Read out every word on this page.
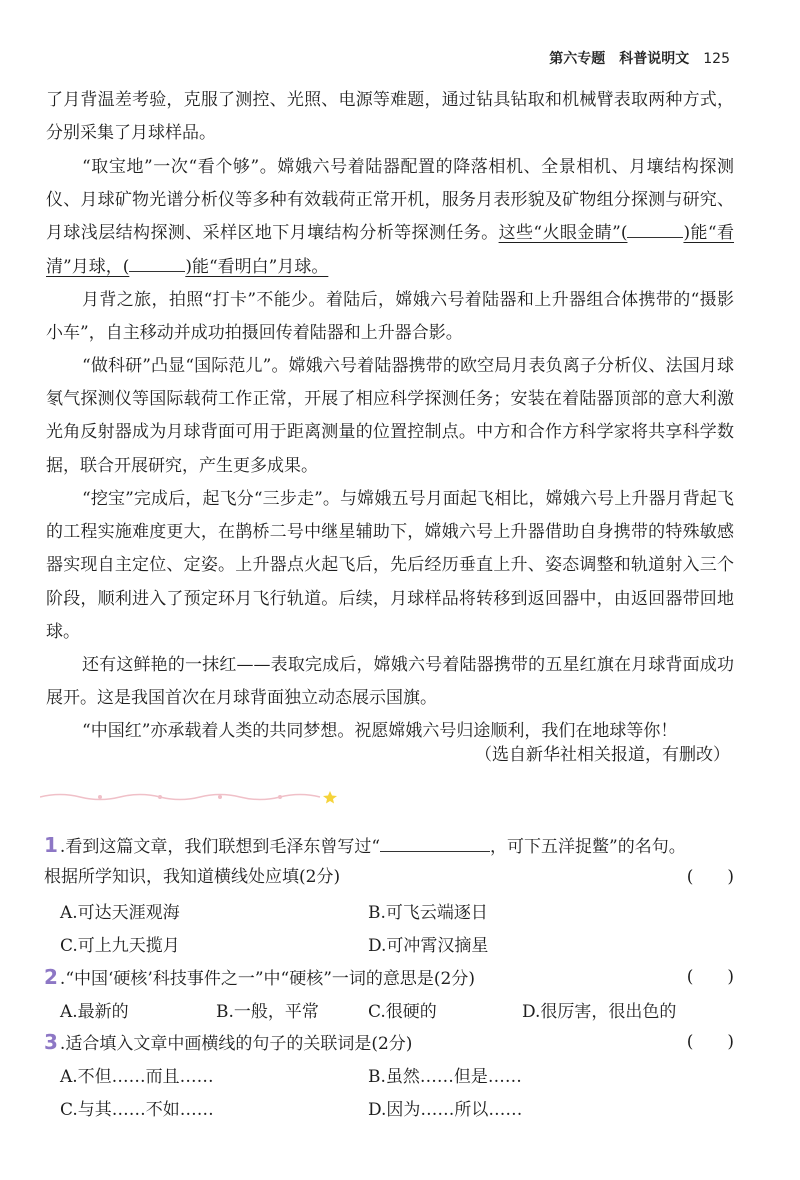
第六专题 科普说明文 125

了月背温差考验，克服了测控、光照、电源等难题，通过钻具钻取和机械臂表取两种方式，分别采集了月球样品。

“取宝地”一次“看个够”。嫦娥六号着陆器配置的降落相机、全景相机、月壤结构探测仪、月球矿物光谱分析仪等多种有效载荷正常开机，服务月表形貌及矿物组分探测与研究、月球浅层结构探测、采样区地下月壤结构分析等探测任务。这些“火眼金睛”(	)能“看清”月球，(	)能“看明白”月球。

月背之旅，拍照“打卡”不能少。着陆后，嫦娥六号着陆器和上升器组合体携带的“摄影小车”，自主移动并成功拍摄回传着陆器和上升器合影。

“做科研”凸显“国际范儿”。嫦娥六号着陆器携带的欧空局月表负离子分析仪、法国月球氡气探测仪等国际载荷工作正常，开展了相应科学探测任务；安装在着陆器顶部的意大利激光角反射器成为月球背面可用于距离测量的位置控制点。中方和合作方科学家将共享科学数据，联合开展研究，产生更多成果。

“挖宝”完成后，起飞分“三步走”。与嫦娥五号月面起飞相比，嫦娥六号上升器月背起飞的工程实施难度更大，在鹊桥二号中继星辅助下，嫦娥六号上升器借助自身携带的特殊敏感器实现自主定位、定姿。上升器点火起飞后，先后经历垂直上升、姿态调整和轨道射入三个阶段，顺利进入了预定环月飞行轨道。后续，月球样品将转移到返回器中，由返回器带回地球。

还有这鲜艳的一抹红——表取完成后，嫦娥六号着陆器携带的五星红旗在月球背面成功展开。这是我国首次在月球背面独立动态展示国旗。

“中国红”亦承载着人类的共同梦想。祝愿嫦娥六号归途顺利，我们在地球等你！

（选自新华社相关报道，有删改）
1 .看到这篇文章，我们联想到毛泽东曾写过“	，可下五洋捉鳖”的名句。
根据所学知识，我知道横线处应填(2分)	(　　)
A.可达天涯观海	B.可飞云端逐日
C.可上九天揽月	D.可冲霄汉摘星
2 .“中国‘硬核’科技事件之一”中“硬核”一词的意思是(2分)	(　　)
A.最新的	B.一般，平常	C.很硬的	D.很厉害，很出色的
3 .适合填入文章中画横线的句子的关联词是(2分)	(　　)
A.不但……而且……	B.虽然……但是……
C.与其……不如……	D.因为……所以……
